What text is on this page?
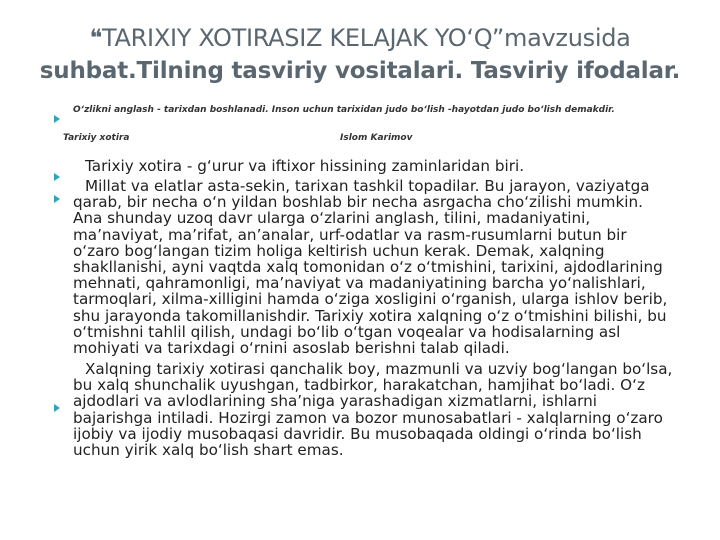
❝TARIXIY XOTIRASIZ KELAJAK YO‘Q”mavzusida
suhbat.Tilning tasviriy vositalari. Tasviriy ifodalar.
O‘zlikni anglash - tarixdan boshlanadi. Inson uchun tarixidan judo bo‘lish -hayotdan judo bo‘lish demakdir.
Tarixiy xotira	Islom Karimov

Tarixiy xotira - g‘urur va iftixor hissining zaminlaridan biri.

Millat va elatlar asta-sekin, tarixan tashkil topadilar. Bu jarayon, vaziyatga qarab, bir necha o‘n yildan boshlab bir necha asrgacha cho‘zilishi mumkin. Ana shunday uzoq davr ularga o‘zlarini anglash, tilini, madaniyatini, ma’naviyat, ma’rifat, an’analar, urf-odatlar va rasm-rusumlarni butun bir o‘zaro bog‘langan tizim holiga keltirish uchun kerak. Demak, xalqning shakllanishi, ayni vaqtda xalq tomonidan o‘z o‘tmishini, tarixini, ajdodlarining mehnati, qahramonligi, ma’naviyat va madaniyatining barcha yo‘nalishlari, tarmoqlari, xilma-xilligini hamda o‘ziga xosligini o‘rganish, ularga ishlov berib, shu jarayonda takomillanishdir. Tarixiy xotira xalqning o‘z o‘tmishini bilishi, bu o‘tmishni tahlil qilish, undagi bo‘lib o‘tgan voqealar va hodisalarning asl mohiyati va tarixdagi o‘rnini asoslab berishni talab qiladi.

Xalqning tarixiy xotirasi qanchalik boy, mazmunli va uzviy bog‘langan bo‘lsa, bu xalq shunchalik uyushgan, tadbirkor, harakatchan, hamjihat bo‘ladi. O‘z ajdodlari va avlodlarining sha’niga yarashadigan xizmatlarni, ishlarni bajarishga intiladi. Hozirgi zamon va bozor munosabatlari - xalqlarning o‘zaro ijobiy va ijodiy musobaqasi davridir. Bu musobaqada oldingi o‘rinda bo‘lish uchun yirik xalq bo‘lish shart emas.
